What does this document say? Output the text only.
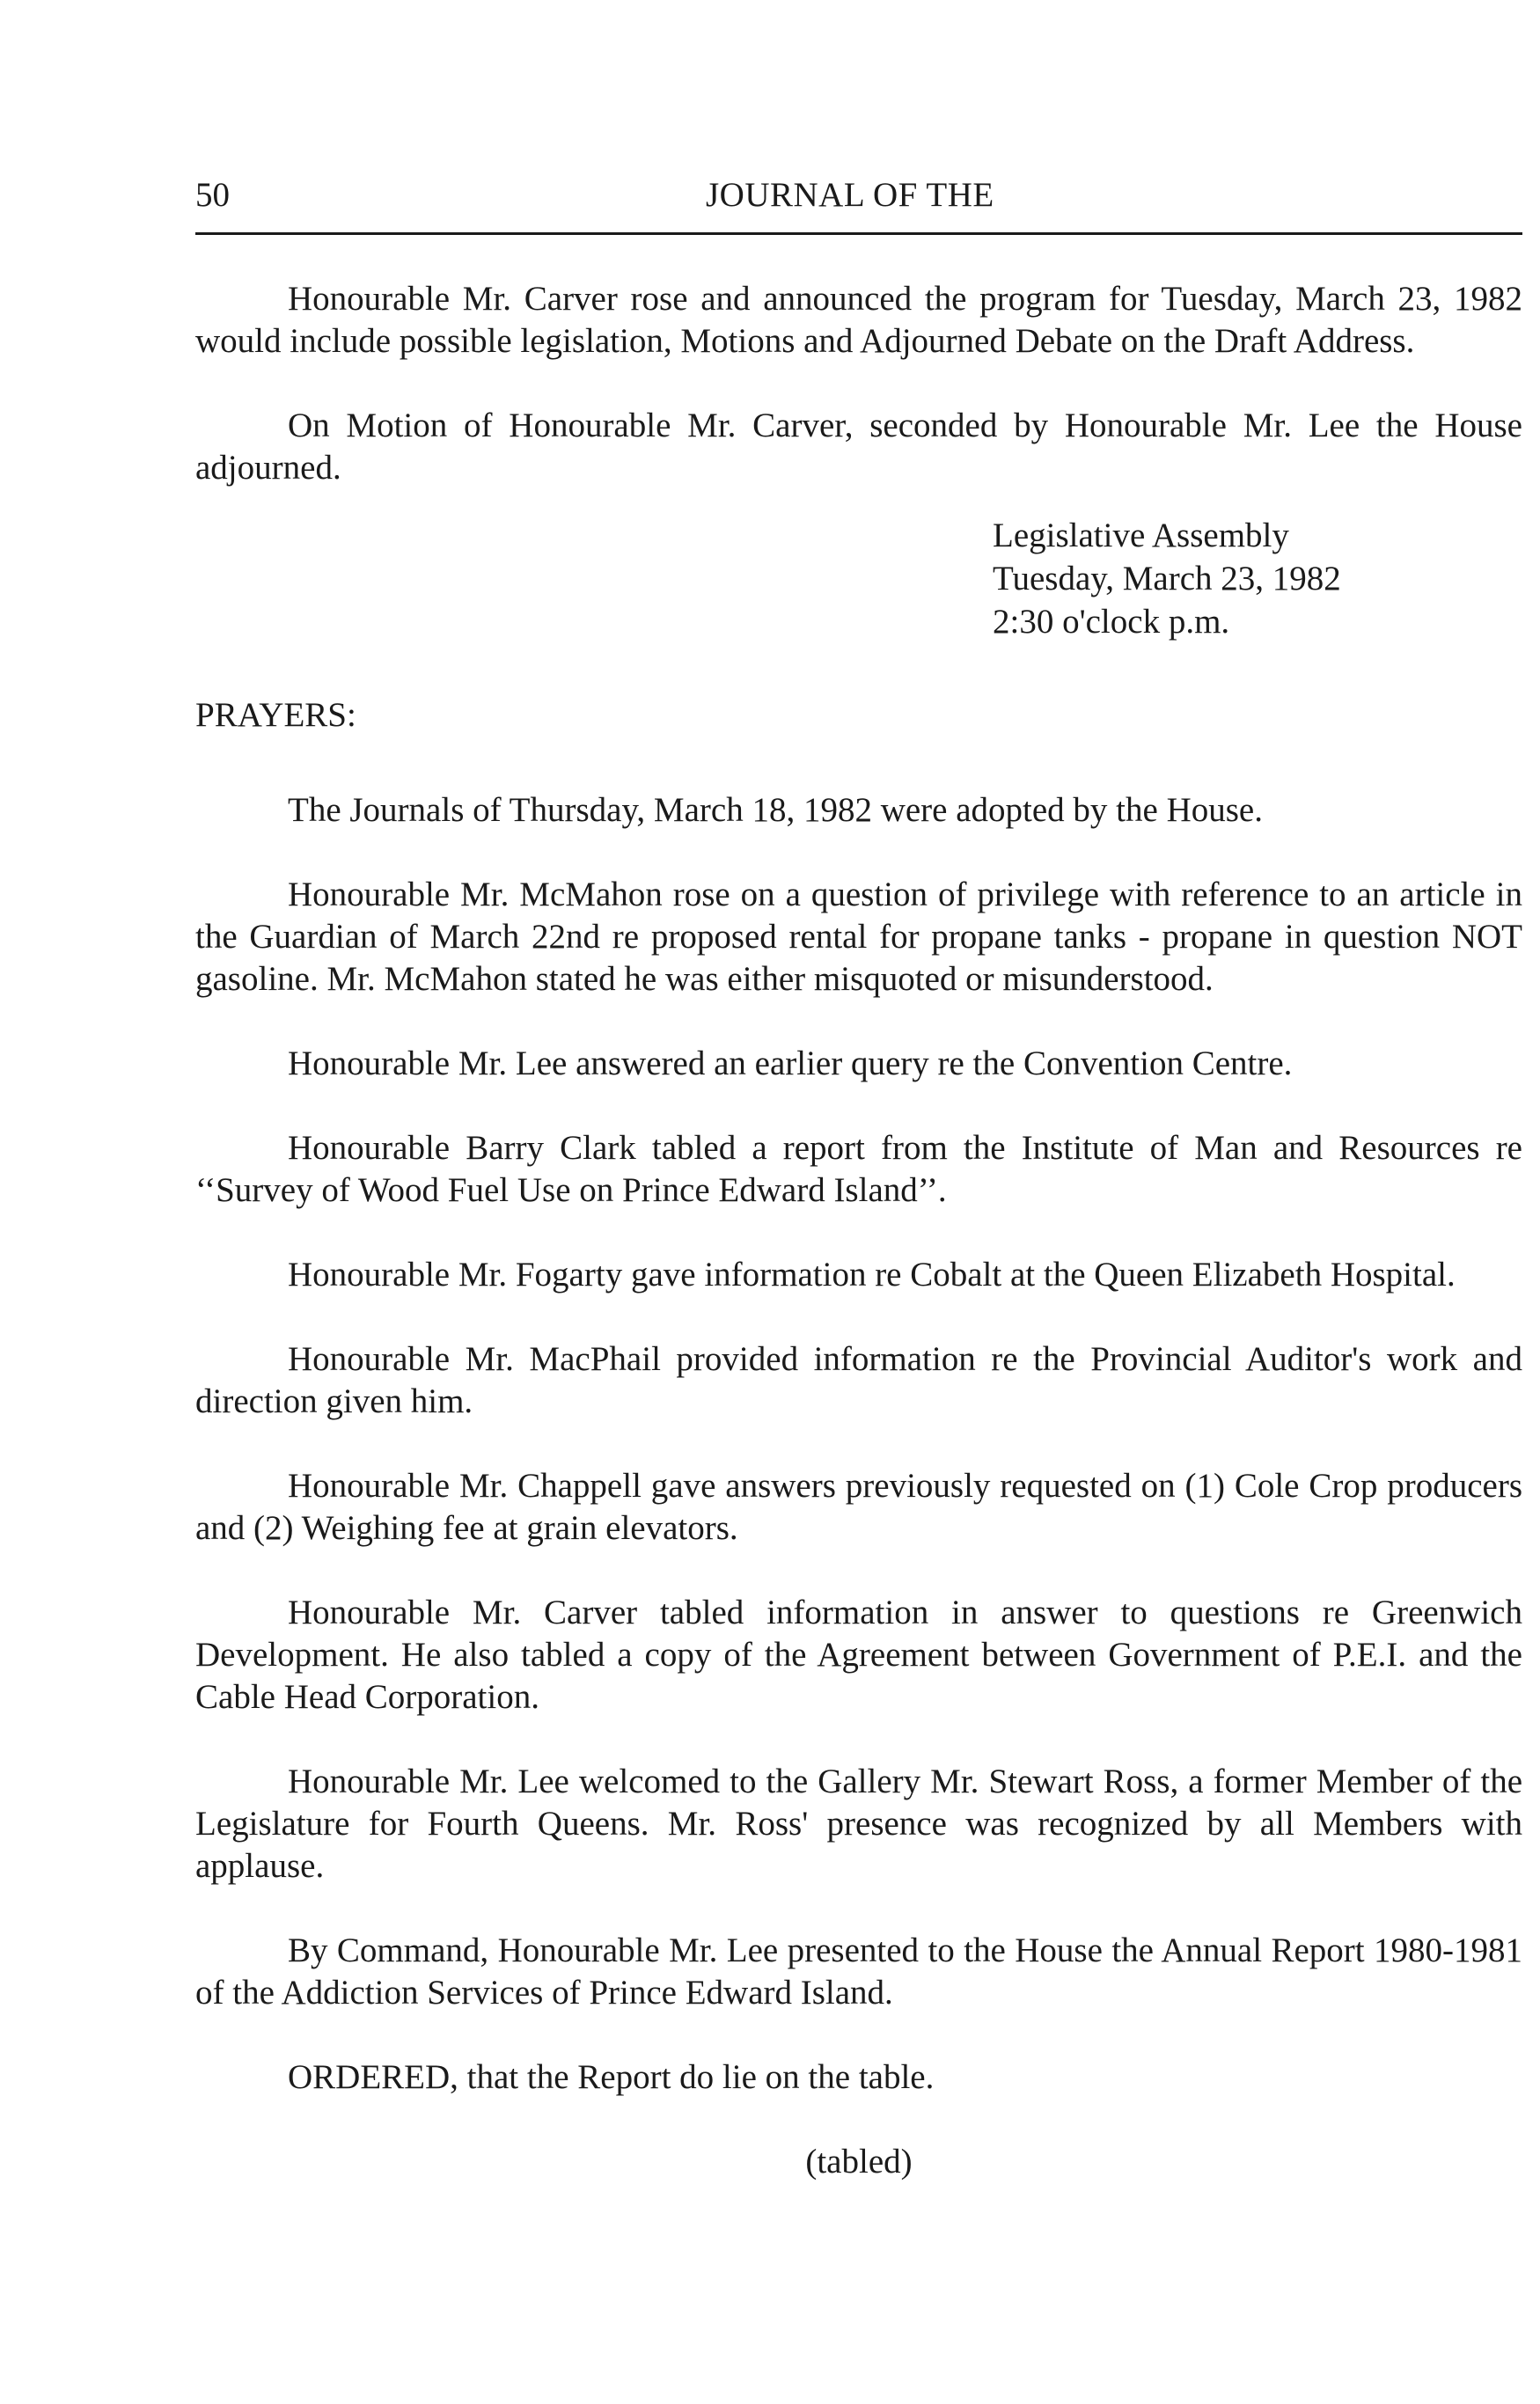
50	JOURNAL OF THE

Honourable Mr. Carver rose and announced the program for Tuesday, March 23, 1982 would include possible legislation, Motions and Adjourned Debate on the Draft Address.

On Motion of Honourable Mr. Carver, seconded by Honourable Mr. Lee the House adjourned.

Legislative Assembly
Tuesday, March 23, 1982
2:30 o'clock p.m.
PRAYERS:

The Journals of Thursday, March 18, 1982 were adopted by the House.

Honourable Mr. McMahon rose on a question of privilege with reference to an article in the Guardian of March 22nd re proposed rental for propane tanks - propane in question NOT gasoline. Mr. McMahon stated he was either misquoted or misunderstood.

Honourable Mr. Lee answered an earlier query re the Convention Centre.

Honourable Barry Clark tabled a report from the Institute of Man and Resources re ‘‘Survey of Wood Fuel Use on Prince Edward Island’’.

Honourable Mr. Fogarty gave information re Cobalt at the Queen Elizabeth Hospital.

Honourable Mr. MacPhail provided information re the Provincial Auditor's work and direction given him.

Honourable Mr. Chappell gave answers previously requested on (1) Cole Crop producers and (2) Weighing fee at grain elevators.

Honourable Mr. Carver tabled information in answer to questions re Greenwich Development. He also tabled a copy of the Agreement between Government of P.E.I. and the Cable Head Corporation.

Honourable Mr. Lee welcomed to the Gallery Mr. Stewart Ross, a former Member of the Legislature for Fourth Queens. Mr. Ross' presence was recognized by all Members with applause.

By Command, Honourable Mr. Lee presented to the House the Annual Report 1980-1981 of the Addiction Services of Prince Edward Island.

ORDERED, that the Report do lie on the table.

(tabled)
